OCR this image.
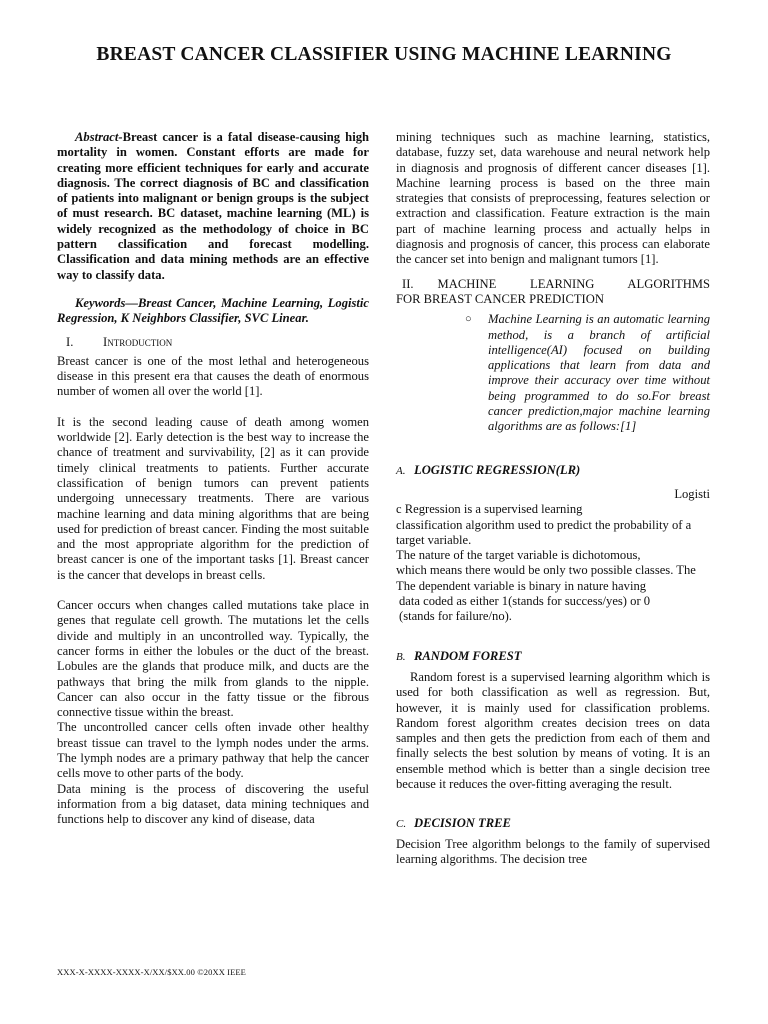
BREAST CANCER CLASSIFIER USING MACHINE LEARNING

Abstract-Breast cancer is a fatal disease-causing high mortality in women. Constant efforts are made for creating more efficient techniques for early and accurate diagnosis. The correct diagnosis of BC and classification of patients into malignant or benign groups is the subject of must research. BC dataset, machine learning (ML) is widely recognized as the methodology of choice in BC pattern classification and forecast modelling. Classification and data mining methods are an effective way to classify data.

Keywords—Breast Cancer, Machine Learning, Logistic Regression, K Neighbors Classifier, SVC Linear.

I.	Introduction

Breast cancer is one of the most lethal and heterogeneous disease in this present era that causes the death of enormous number of women all over the world [1].

It is the second leading cause of death among women worldwide [2]. Early detection is the best way to increase the chance of treatment and survivability, [2] as it can provide timely clinical treatments to patients. Further accurate classification of benign tumors can prevent patients undergoing unnecessary treatments. There are various machine learning and data mining algorithms that are being used for prediction of breast cancer. Finding the most suitable and the most appropriate algorithm for the prediction of breast cancer is one of the important tasks [1]. Breast cancer is the cancer that develops in breast cells.

Cancer occurs when changes called mutations take place in genes that regulate cell growth. The mutations let the cells divide and multiply in an uncontrolled way. Typically, the cancer forms in either the lobules or the duct of the breast. Lobules are the glands that produce milk, and ducts are the pathways that bring the milk from glands to the nipple. Cancer can also occur in the fatty tissue or the fibrous connective tissue within the breast.

The uncontrolled cancer cells often invade other healthy breast tissue can travel to the lymph nodes under the arms. The lymph nodes are a primary pathway that help the cancer cells move to other parts of the body.

Data mining is the process of discovering the useful information from a big dataset, data mining techniques and functions help to discover any kind of disease, data

mining techniques such as machine learning, statistics, database, fuzzy set, data warehouse and neural network help in diagnosis and prognosis of different cancer diseases [1]. Machine learning process is based on the three main strategies that consists of preprocessing, features selection or extraction and classification. Feature extraction is the main part of machine learning process and actually helps in diagnosis and prognosis of cancer, this process can elaborate the cancer set into benign and malignant tumors [1].

II.	MACHINE LEARNING ALGORITHMS

FOR BREAST CANCER PREDICTION

○	Machine Learning is an automatic learning method, is a branch of artificial intelligence(AI) focused on building applications that learn from data and improve their accuracy over time without being programmed to do so.For breast cancer prediction,major machine learning algorithms are as follows:[1]
A. LOGISTIC REGRESSION(LR)

Logisti

c Regression is a supervised learning

classification algorithm used to predict the probability of a target variable.

The nature of the target variable is dichotomous,

which means there would be only two possible classes. The The dependent variable is binary in nature having

data coded as either 1(stands for success/yes) or 0

(stands for failure/no).

B. RANDOM FOREST

Random forest is a supervised learning algorithm which is used for both classification as well as regression. But, however, it is mainly used for classification problems. Random forest algorithm creates decision trees on data samples and then gets the prediction from each of them and finally selects the best solution by means of voting. It is an ensemble method which is better than a single decision tree because it reduces the over-fitting averaging the result.

C. DECISION TREE

Decision Tree algorithm belongs to the family of supervised learning algorithms. The decision tree

XXX-X-XXXX-XXXX-X/XX/$XX.00 ©20XX IEEE
